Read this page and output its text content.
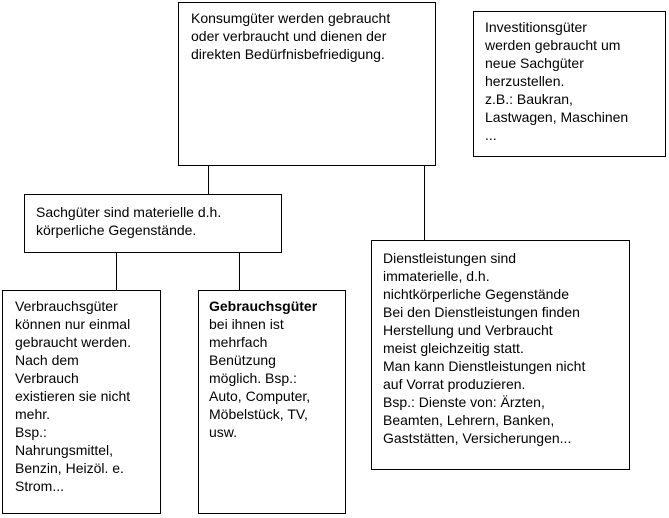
Konsumgüter werden gebraucht
oder verbraucht und dienen der
direkten Bedürfnisbefriedigung.
Investitionsgüter
werden gebraucht um
neue Sachgüter
herzustellen.
z.B.: Baukran,
Lastwagen, Maschinen
...
Sachgüter sind materielle d.h.
körperliche Gegenstände.
Dienstleistungen sind
immaterielle, d.h.
nichtkörperliche Gegenstände
Bei den Dienstleistungen finden
Herstellung und Verbraucht
meist gleichzeitig statt.
Man kann Dienstleistungen nicht
auf Vorrat produzieren.
Bsp.: Dienste von: Ärzten,
Beamten, Lehrern, Banken,
Gaststätten, Versicherungen...
Verbrauchsgüter
können nur einmal
gebraucht werden.
Nach dem
Verbrauch
existieren sie nicht
mehr.
Bsp.:
Nahrungsmittel,
Benzin, Heizöl. e.
Strom...
Gebrauchsgüter
bei ihnen ist
mehrfach
Benützung
möglich. Bsp.:
Auto, Computer,
Möbelstück, TV,
usw.
